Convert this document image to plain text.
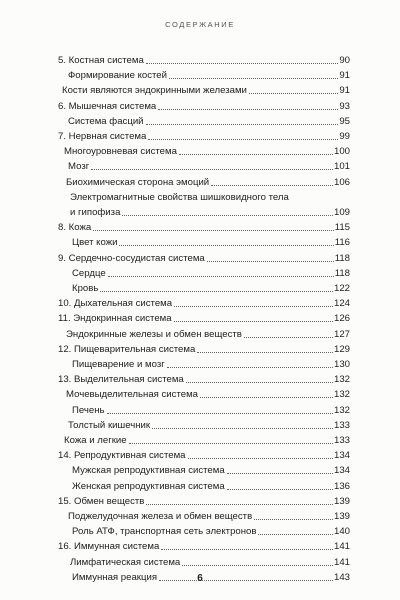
СОДЕРЖАНИЕ
5. Костная система	90
Формирование костей	91
Кости являются эндокринными железами	91
6. Мышечная система	93
Система фасций	95
7. Нервная система	99
Многоуровневая система	100
Мозг	101
Биохимическая сторона эмоций	106
Электромагнитные свойства шишковидного тела
и гипофиза	109
8. Кожа	115
Цвет кожи	116
9. Сердечно-сосудистая система	118
Сердце	118
Кровь	122
10. Дыхательная система	124
11. Эндокринная система	126
Эндокринные железы и обмен веществ	127
12. Пищеварительная система	129
Пищеварение и мозг	130
13. Выделительная система	132
Мочевыделительная система	132
Печень	132
Толстый кишечник	133
Кожа и легкие	133
14. Репродуктивная система	134
Мужская репродуктивная система	134
Женская репродуктивная система	136
15. Обмен веществ	139
Поджелудочная железа и обмен веществ	139
Роль АТФ, транспортная сеть электронов	140
16. Иммунная система	141
Лимфатическая система	141
Иммунная реакция	143
6
